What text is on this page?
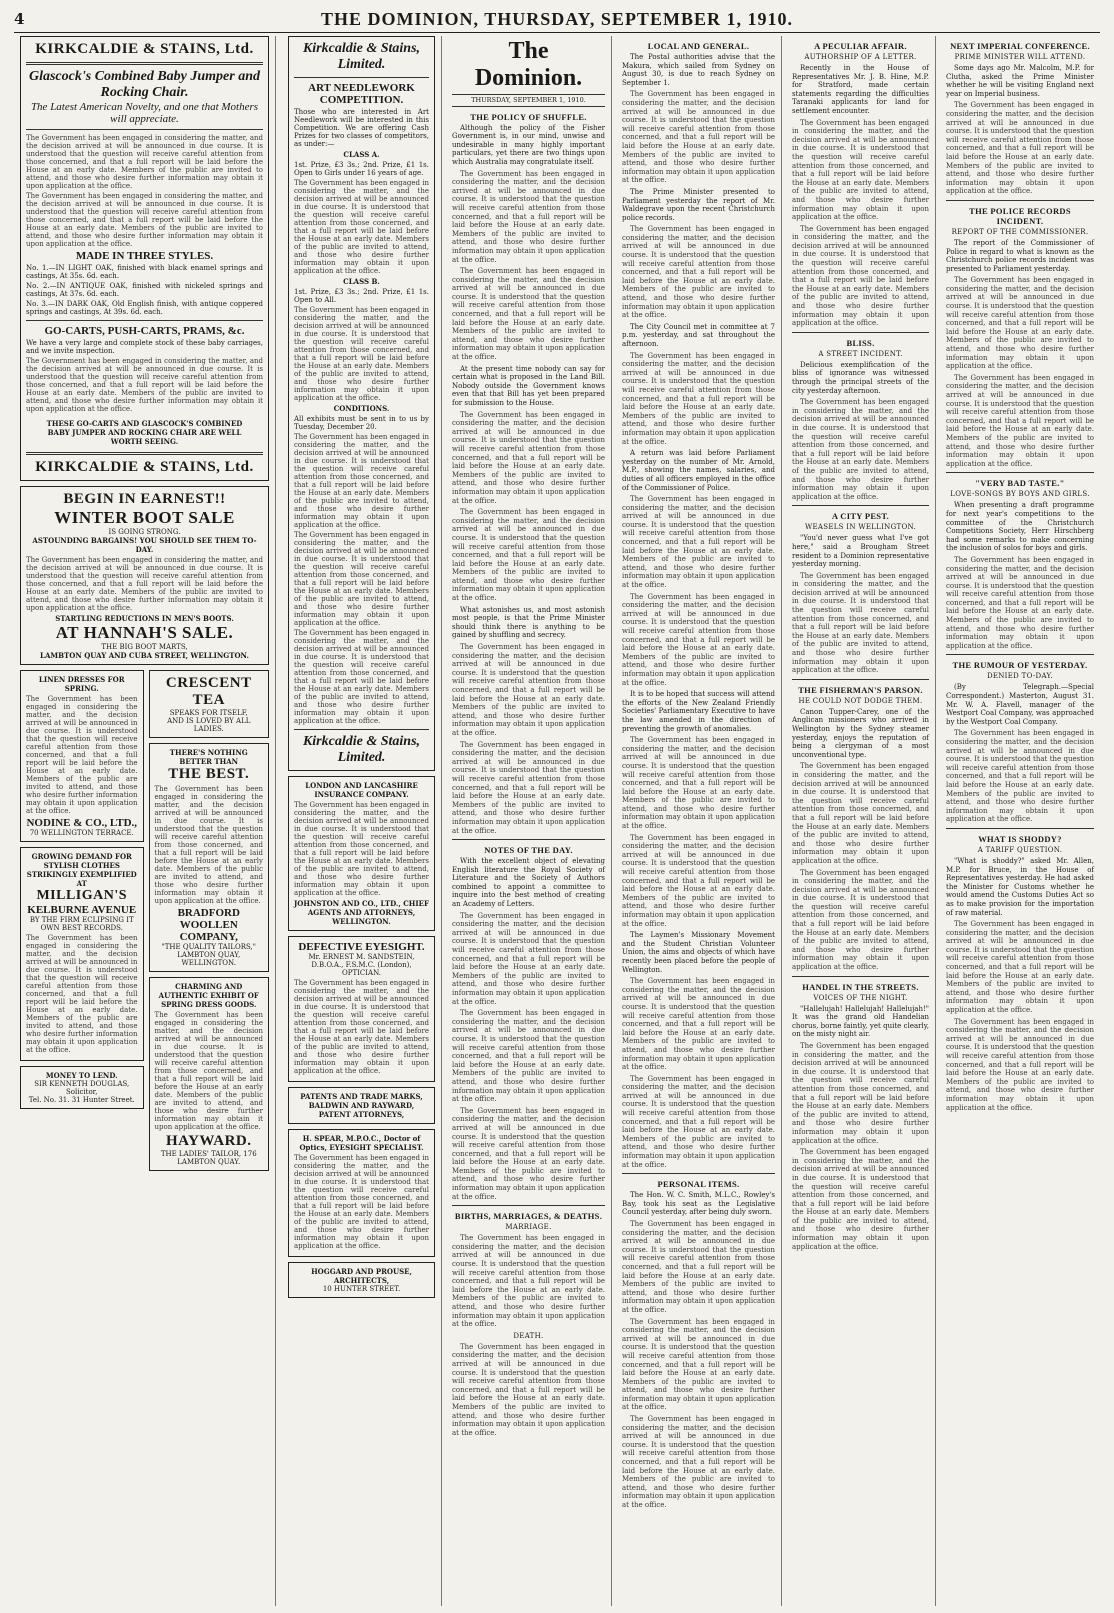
4	THE DOMINION, THURSDAY, SEPTEMBER 1, 1910.
KIRKCALDIE & STAINS, Ltd.
Glascock's Combined Baby Jumper and Rocking Chair.
The Latest American Novelty, and one that Mothers will appreciate.

The Government has been engaged in considering the matter, and the decision arrived at will be announced in due course. It is understood that the question will receive careful attention from those concerned, and that a full report will be laid before the House at an early date. Members of the public are invited to attend, and those who desire further information may obtain it upon application at the office.

The Government has been engaged in considering the matter, and the decision arrived at will be announced in due course. It is understood that the question will receive careful attention from those concerned, and that a full report will be laid before the House at an early date. Members of the public are invited to attend, and those who desire further information may obtain it upon application at the office.

MADE IN THREE STYLES.

No. 1.—IN LIGHT OAK, finished with black enamel springs and castings, At 35s. 6d. each.

No. 2.—IN ANTIQUE OAK, finished with nickeled springs and castings, At 37s. 6d. each.

No. 3.—IN DARK OAK, Old English finish, with antique coppered springs and castings, At 39s. 6d. each.

GO-CARTS, PUSH-CARTS, PRAMS, &c.

We have a very large and complete stock of these baby carriages, and we invite inspection.

The Government has been engaged in considering the matter, and the decision arrived at will be announced in due course. It is understood that the question will receive careful attention from those concerned, and that a full report will be laid before the House at an early date. Members of the public are invited to attend, and those who desire further information may obtain it upon application at the office.

THESE GO-CARTS AND GLASCOCK'S COMBINED BABY JUMPER AND ROCKING CHAIR ARE WELL WORTH SEEING.
KIRKCALDIE & STAINS, Ltd.
BEGIN IN EARNEST!!
WINTER BOOT SALE
IS GOING STRONG.
ASTOUNDING BARGAINS! YOU SHOULD SEE THEM TO-DAY.

The Government has been engaged in considering the matter, and the decision arrived at will be announced in due course. It is understood that the question will receive careful attention from those concerned, and that a full report will be laid before the House at an early date. Members of the public are invited to attend, and those who desire further information may obtain it upon application at the office.

STARTLING REDUCTIONS IN MEN'S BOOTS.
AT HANNAH'S SALE.
THE BIG BOOT MARTS,
LAMBTON QUAY AND CUBA STREET, WELLINGTON.
LINEN DRESSES FOR SPRING.

The Government has been engaged in considering the matter, and the decision arrived at will be announced in due course. It is understood that the question will receive careful attention from those concerned, and that a full report will be laid before the House at an early date. Members of the public are invited to attend, and those who desire further information may obtain it upon application at the office.

NODINE & CO., LTD.,
70 WELLINGTON TERRACE.
GROWING DEMAND FOR STYLISH CLOTHES STRIKINGLY EXEMPLIFIED AT
MILLIGAN'S
KELBURNE AVENUE
BY THE FIRM ECLIPSING IT OWN BEST RECORDS.

The Government has been engaged in considering the matter, and the decision arrived at will be announced in due course. It is understood that the question will receive careful attention from those concerned, and that a full report will be laid before the House at an early date. Members of the public are invited to attend, and those who desire further information may obtain it upon application at the office.

MONEY TO LEND.
SIR KENNETH DOUGLAS, Solicitor,
Tel. No. 31. 31 Hunter Street.
CRESCENT TEA
SPEAKS FOR ITSELF,
AND IS LOVED BY ALL LADIES.
THERE'S NOTHING BETTER THAN
THE BEST.

The Government has been engaged in considering the matter, and the decision arrived at will be announced in due course. It is understood that the question will receive careful attention from those concerned, and that a full report will be laid before the House at an early date. Members of the public are invited to attend, and those who desire further information may obtain it upon application at the office.

BRADFORD WOOLLEN COMPANY,
"THE QUALITY TAILORS,"
LAMBTON QUAY, WELLINGTON.
CHARMING AND AUTHENTIC EXHIBIT OF SPRING DRESS GOODS.

The Government has been engaged in considering the matter, and the decision arrived at will be announced in due course. It is understood that the question will receive careful attention from those concerned, and that a full report will be laid before the House at an early date. Members of the public are invited to attend, and those who desire further information may obtain it upon application at the office.

HAYWARD.
THE LADIES' TAILOR, 176 LAMBTON QUAY.
Kirkcaldie & Stains, Limited.
ART NEEDLEWORK COMPETITION.

Those who are interested in Art Needlework will be interested in this Competition. We are offering Cash Prizes for two classes of competitors, as under:—

CLASS A.

1st. Prize, £3 3s.; 2nd. Prize, £1 1s. Open to Girls under 16 years of age.

The Government has been engaged in considering the matter, and the decision arrived at will be announced in due course. It is understood that the question will receive careful attention from those concerned, and that a full report will be laid before the House at an early date. Members of the public are invited to attend, and those who desire further information may obtain it upon application at the office.

CLASS B.

1st. Prize, £3 3s.; 2nd. Prize, £1 1s. Open to All.

The Government has been engaged in considering the matter, and the decision arrived at will be announced in due course. It is understood that the question will receive careful attention from those concerned, and that a full report will be laid before the House at an early date. Members of the public are invited to attend, and those who desire further information may obtain it upon application at the office.

CONDITIONS.

All exhibits must be sent in to us by Tuesday, December 20.

The Government has been engaged in considering the matter, and the decision arrived at will be announced in due course. It is understood that the question will receive careful attention from those concerned, and that a full report will be laid before the House at an early date. Members of the public are invited to attend, and those who desire further information may obtain it upon application at the office.

The Government has been engaged in considering the matter, and the decision arrived at will be announced in due course. It is understood that the question will receive careful attention from those concerned, and that a full report will be laid before the House at an early date. Members of the public are invited to attend, and those who desire further information may obtain it upon application at the office.

The Government has been engaged in considering the matter, and the decision arrived at will be announced in due course. It is understood that the question will receive careful attention from those concerned, and that a full report will be laid before the House at an early date. Members of the public are invited to attend, and those who desire further information may obtain it upon application at the office.

Kirkcaldie & Stains, Limited.
LONDON AND LANCASHIRE INSURANCE COMPANY.

The Government has been engaged in considering the matter, and the decision arrived at will be announced in due course. It is understood that the question will receive careful attention from those concerned, and that a full report will be laid before the House at an early date. Members of the public are invited to attend, and those who desire further information may obtain it upon application at the office.

JOHNSTON AND CO., LTD., CHIEF AGENTS AND ATTORNEYS, WELLINGTON.
DEFECTIVE EYESIGHT.
Mr. ERNEST M. SANDSTEIN, D.B.O.A., F.S.M.C. (London), OPTICIAN.

The Government has been engaged in considering the matter, and the decision arrived at will be announced in due course. It is understood that the question will receive careful attention from those concerned, and that a full report will be laid before the House at an early date. Members of the public are invited to attend, and those who desire further information may obtain it upon application at the office.

PATENTS AND TRADE MARKS,
BALDWIN AND RAYWARD, PATENT ATTORNEYS,
H. SPEAR, M.P.O.C., Doctor of Optics, EYESIGHT SPECIALIST.

The Government has been engaged in considering the matter, and the decision arrived at will be announced in due course. It is understood that the question will receive careful attention from those concerned, and that a full report will be laid before the House at an early date. Members of the public are invited to attend, and those who desire further information may obtain it upon application at the office.

HOGGARD AND PROUSE, ARCHITECTS,
10 HUNTER STREET.
The Dominion.
THURSDAY, SEPTEMBER 1, 1910.
THE POLICY OF SHUFFLE.

Although the policy of the Fisher Government is, in our mind, unwise and undesirable in many highly important particulars, yet there are two things upon which Australia may congratulate itself.

The Government has been engaged in considering the matter, and the decision arrived at will be announced in due course. It is understood that the question will receive careful attention from those concerned, and that a full report will be laid before the House at an early date. Members of the public are invited to attend, and those who desire further information may obtain it upon application at the office.

The Government has been engaged in considering the matter, and the decision arrived at will be announced in due course. It is understood that the question will receive careful attention from those concerned, and that a full report will be laid before the House at an early date. Members of the public are invited to attend, and those who desire further information may obtain it upon application at the office.

At the present time nobody can say for certain what is proposed in the Land Bill. Nobody outside the Government knows even that that Bill has yet been prepared for submission to the House.

The Government has been engaged in considering the matter, and the decision arrived at will be announced in due course. It is understood that the question will receive careful attention from those concerned, and that a full report will be laid before the House at an early date. Members of the public are invited to attend, and those who desire further information may obtain it upon application at the office.

The Government has been engaged in considering the matter, and the decision arrived at will be announced in due course. It is understood that the question will receive careful attention from those concerned, and that a full report will be laid before the House at an early date. Members of the public are invited to attend, and those who desire further information may obtain it upon application at the office.

What astonishes us, and most astonish most people, is that the Prime Minister should think there is anything to be gained by shuffling and secrecy.

The Government has been engaged in considering the matter, and the decision arrived at will be announced in due course. It is understood that the question will receive careful attention from those concerned, and that a full report will be laid before the House at an early date. Members of the public are invited to attend, and those who desire further information may obtain it upon application at the office.

The Government has been engaged in considering the matter, and the decision arrived at will be announced in due course. It is understood that the question will receive careful attention from those concerned, and that a full report will be laid before the House at an early date. Members of the public are invited to attend, and those who desire further information may obtain it upon application at the office.

NOTES OF THE DAY.

With the excellent object of elevating English literature the Royal Society of Literature and the Society of Authors combined to appoint a committee to inquire into the best method of creating an Academy of Letters.

The Government has been engaged in considering the matter, and the decision arrived at will be announced in due course. It is understood that the question will receive careful attention from those concerned, and that a full report will be laid before the House at an early date. Members of the public are invited to attend, and those who desire further information may obtain it upon application at the office.

The Government has been engaged in considering the matter, and the decision arrived at will be announced in due course. It is understood that the question will receive careful attention from those concerned, and that a full report will be laid before the House at an early date. Members of the public are invited to attend, and those who desire further information may obtain it upon application at the office.

The Government has been engaged in considering the matter, and the decision arrived at will be announced in due course. It is understood that the question will receive careful attention from those concerned, and that a full report will be laid before the House at an early date. Members of the public are invited to attend, and those who desire further information may obtain it upon application at the office.

BIRTHS, MARRIAGES, & DEATHS.
MARRIAGE.

The Government has been engaged in considering the matter, and the decision arrived at will be announced in due course. It is understood that the question will receive careful attention from those concerned, and that a full report will be laid before the House at an early date. Members of the public are invited to attend, and those who desire further information may obtain it upon application at the office.

DEATH.

The Government has been engaged in considering the matter, and the decision arrived at will be announced in due course. It is understood that the question will receive careful attention from those concerned, and that a full report will be laid before the House at an early date. Members of the public are invited to attend, and those who desire further information may obtain it upon application at the office.

LOCAL AND GENERAL.

The Postal authorities advise that the Makura, which sailed from Sydney on August 30, is due to reach Sydney on September 1.

The Government has been engaged in considering the matter, and the decision arrived at will be announced in due course. It is understood that the question will receive careful attention from those concerned, and that a full report will be laid before the House at an early date. Members of the public are invited to attend, and those who desire further information may obtain it upon application at the office.

The Prime Minister presented to Parliament yesterday the report of Mr. Waldegrave upon the recent Christchurch police records.

The Government has been engaged in considering the matter, and the decision arrived at will be announced in due course. It is understood that the question will receive careful attention from those concerned, and that a full report will be laid before the House at an early date. Members of the public are invited to attend, and those who desire further information may obtain it upon application at the office.

The City Council met in committee at 7 p.m. yesterday, and sat throughout the afternoon.

The Government has been engaged in considering the matter, and the decision arrived at will be announced in due course. It is understood that the question will receive careful attention from those concerned, and that a full report will be laid before the House at an early date. Members of the public are invited to attend, and those who desire further information may obtain it upon application at the office.

A return was laid before Parliament yesterday on the number of Mr. Arnold, M.P., showing the names, salaries, and duties of all officers employed in the office of the Commissioner of Police.

The Government has been engaged in considering the matter, and the decision arrived at will be announced in due course. It is understood that the question will receive careful attention from those concerned, and that a full report will be laid before the House at an early date. Members of the public are invited to attend, and those who desire further information may obtain it upon application at the office.

The Government has been engaged in considering the matter, and the decision arrived at will be announced in due course. It is understood that the question will receive careful attention from those concerned, and that a full report will be laid before the House at an early date. Members of the public are invited to attend, and those who desire further information may obtain it upon application at the office.

It is to be hoped that success will attend the efforts of the New Zealand Friendly Societies' Parliamentary Executive to have the law amended in the direction of preventing the growth of anomalies.

The Government has been engaged in considering the matter, and the decision arrived at will be announced in due course. It is understood that the question will receive careful attention from those concerned, and that a full report will be laid before the House at an early date. Members of the public are invited to attend, and those who desire further information may obtain it upon application at the office.

The Government has been engaged in considering the matter, and the decision arrived at will be announced in due course. It is understood that the question will receive careful attention from those concerned, and that a full report will be laid before the House at an early date. Members of the public are invited to attend, and those who desire further information may obtain it upon application at the office.

The Laymen's Missionary Movement and the Student Christian Volunteer Union, the aims and objects of which have recently been placed before the people of Wellington.

The Government has been engaged in considering the matter, and the decision arrived at will be announced in due course. It is understood that the question will receive careful attention from those concerned, and that a full report will be laid before the House at an early date. Members of the public are invited to attend, and those who desire further information may obtain it upon application at the office.

The Government has been engaged in considering the matter, and the decision arrived at will be announced in due course. It is understood that the question will receive careful attention from those concerned, and that a full report will be laid before the House at an early date. Members of the public are invited to attend, and those who desire further information may obtain it upon application at the office.

PERSONAL ITEMS.

The Hon. W. C. Smith, M.L.C., Rowley's Bay, took his seat as the Legislative Council yesterday, after being duly sworn.

The Government has been engaged in considering the matter, and the decision arrived at will be announced in due course. It is understood that the question will receive careful attention from those concerned, and that a full report will be laid before the House at an early date. Members of the public are invited to attend, and those who desire further information may obtain it upon application at the office.

The Government has been engaged in considering the matter, and the decision arrived at will be announced in due course. It is understood that the question will receive careful attention from those concerned, and that a full report will be laid before the House at an early date. Members of the public are invited to attend, and those who desire further information may obtain it upon application at the office.

The Government has been engaged in considering the matter, and the decision arrived at will be announced in due course. It is understood that the question will receive careful attention from those concerned, and that a full report will be laid before the House at an early date. Members of the public are invited to attend, and those who desire further information may obtain it upon application at the office.

A PECULIAR AFFAIR.
AUTHORSHIP OF A LETTER.

Recently in the House of Representatives Mr. J. B. Hine, M.P. for Stratford, made certain statements regarding the difficulties Taranaki applicants for land for settlement encounter.

The Government has been engaged in considering the matter, and the decision arrived at will be announced in due course. It is understood that the question will receive careful attention from those concerned, and that a full report will be laid before the House at an early date. Members of the public are invited to attend, and those who desire further information may obtain it upon application at the office.

The Government has been engaged in considering the matter, and the decision arrived at will be announced in due course. It is understood that the question will receive careful attention from those concerned, and that a full report will be laid before the House at an early date. Members of the public are invited to attend, and those who desire further information may obtain it upon application at the office.

BLISS.
A STREET INCIDENT.

Delicious exemplification of the bliss of ignorance was witnessed through the principal streets of the city yesterday afternoon.

The Government has been engaged in considering the matter, and the decision arrived at will be announced in due course. It is understood that the question will receive careful attention from those concerned, and that a full report will be laid before the House at an early date. Members of the public are invited to attend, and those who desire further information may obtain it upon application at the office.

A CITY PEST.
WEASELS IN WELLINGTON.

"You'd never guess what I've got here," said a Brougham Street resident to a Dominion representative yesterday morning.

The Government has been engaged in considering the matter, and the decision arrived at will be announced in due course. It is understood that the question will receive careful attention from those concerned, and that a full report will be laid before the House at an early date. Members of the public are invited to attend, and those who desire further information may obtain it upon application at the office.

THE FISHERMAN'S PARSON.
HE COULD NOT DODGE THEM.

Canon Tupper-Carey, one of the Anglican missioners who arrived in Wellington by the Sydney steamer yesterday, enjoys the reputation of being a clergyman of a most unconventional type.

The Government has been engaged in considering the matter, and the decision arrived at will be announced in due course. It is understood that the question will receive careful attention from those concerned, and that a full report will be laid before the House at an early date. Members of the public are invited to attend, and those who desire further information may obtain it upon application at the office.

The Government has been engaged in considering the matter, and the decision arrived at will be announced in due course. It is understood that the question will receive careful attention from those concerned, and that a full report will be laid before the House at an early date. Members of the public are invited to attend, and those who desire further information may obtain it upon application at the office.

HANDEL IN THE STREETS.
VOICES OF THE NIGHT.

"Hallelujah! Hallelujah! Hallelujah!" It was the grand old Handelian chorus, borne faintly, yet quite clearly, on the misty night air.

The Government has been engaged in considering the matter, and the decision arrived at will be announced in due course. It is understood that the question will receive careful attention from those concerned, and that a full report will be laid before the House at an early date. Members of the public are invited to attend, and those who desire further information may obtain it upon application at the office.

The Government has been engaged in considering the matter, and the decision arrived at will be announced in due course. It is understood that the question will receive careful attention from those concerned, and that a full report will be laid before the House at an early date. Members of the public are invited to attend, and those who desire further information may obtain it upon application at the office.

NEXT IMPERIAL CONFERENCE.
PRIME MINISTER WILL ATTEND.

Some days ago Mr. Malcolm, M.P. for Clutha, asked the Prime Minister whether he will be visiting England next year on Imperial business.

The Government has been engaged in considering the matter, and the decision arrived at will be announced in due course. It is understood that the question will receive careful attention from those concerned, and that a full report will be laid before the House at an early date. Members of the public are invited to attend, and those who desire further information may obtain it upon application at the office.

THE POLICE RECORDS INCIDENT.
REPORT OF THE COMMISSIONER.

The report of the Commissioner of Police in regard to what is known as the Christchurch police records incident was presented to Parliament yesterday.

The Government has been engaged in considering the matter, and the decision arrived at will be announced in due course. It is understood that the question will receive careful attention from those concerned, and that a full report will be laid before the House at an early date. Members of the public are invited to attend, and those who desire further information may obtain it upon application at the office.

The Government has been engaged in considering the matter, and the decision arrived at will be announced in due course. It is understood that the question will receive careful attention from those concerned, and that a full report will be laid before the House at an early date. Members of the public are invited to attend, and those who desire further information may obtain it upon application at the office.

"VERY BAD TASTE."
LOVE-SONGS BY BOYS AND GIRLS.

When presenting a draft programme for next year's competitions to the committee of the Christchurch Competitions Society, Herr Hirschberg had some remarks to make concerning the inclusion of solos for boys and girls.

The Government has been engaged in considering the matter, and the decision arrived at will be announced in due course. It is understood that the question will receive careful attention from those concerned, and that a full report will be laid before the House at an early date. Members of the public are invited to attend, and those who desire further information may obtain it upon application at the office.

THE RUMOUR OF YESTERDAY.
DENIED TO-DAY.

(By Telegraph.—Special Correspondent.) Masterton, August 31. Mr. W. A. Flavell, manager of the Westport Coal Company, was approached by the Westport Coal Company.

The Government has been engaged in considering the matter, and the decision arrived at will be announced in due course. It is understood that the question will receive careful attention from those concerned, and that a full report will be laid before the House at an early date. Members of the public are invited to attend, and those who desire further information may obtain it upon application at the office.

WHAT IS SHODDY?
A TARIFF QUESTION.

"What is shoddy?" asked Mr. Allen, M.P. for Bruce, in the House of Representatives yesterday. He had asked the Minister for Customs whether he would amend the Customs Duties Act so as to make provision for the importation of raw material.

The Government has been engaged in considering the matter, and the decision arrived at will be announced in due course. It is understood that the question will receive careful attention from those concerned, and that a full report will be laid before the House at an early date. Members of the public are invited to attend, and those who desire further information may obtain it upon application at the office.

The Government has been engaged in considering the matter, and the decision arrived at will be announced in due course. It is understood that the question will receive careful attention from those concerned, and that a full report will be laid before the House at an early date. Members of the public are invited to attend, and those who desire further information may obtain it upon application at the office.
